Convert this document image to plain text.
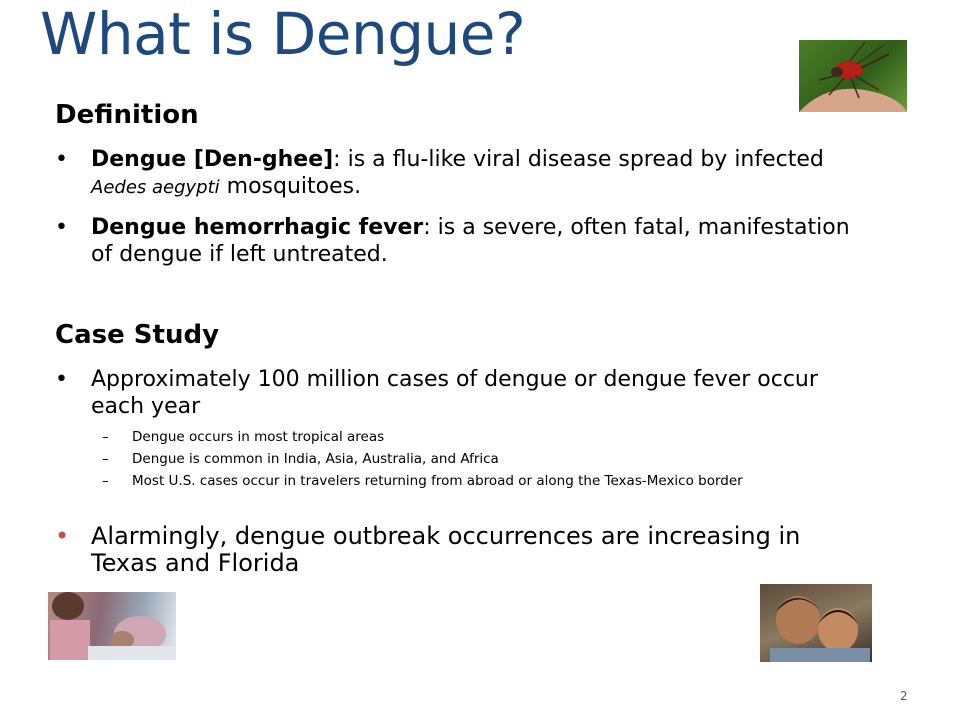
What is Dengue?
Definition
•	Dengue [Den-ghee]: is a flu-like viral disease spread by infected Aedes aegypti mosquitoes.
•	Dengue hemorrhagic fever: is a severe, often fatal, manifestation of dengue if left untreated.
Case Study
•	Approximately 100 million cases of dengue or dengue fever occur each year
– Dengue occurs in most tropical areas
– Dengue is common in India, Asia, Australia, and Africa
– Most U.S. cases occur in travelers returning from abroad or along the Texas-Mexico border
• Alarmingly, dengue outbreak occurrences are increasing in Texas and Florida
2
